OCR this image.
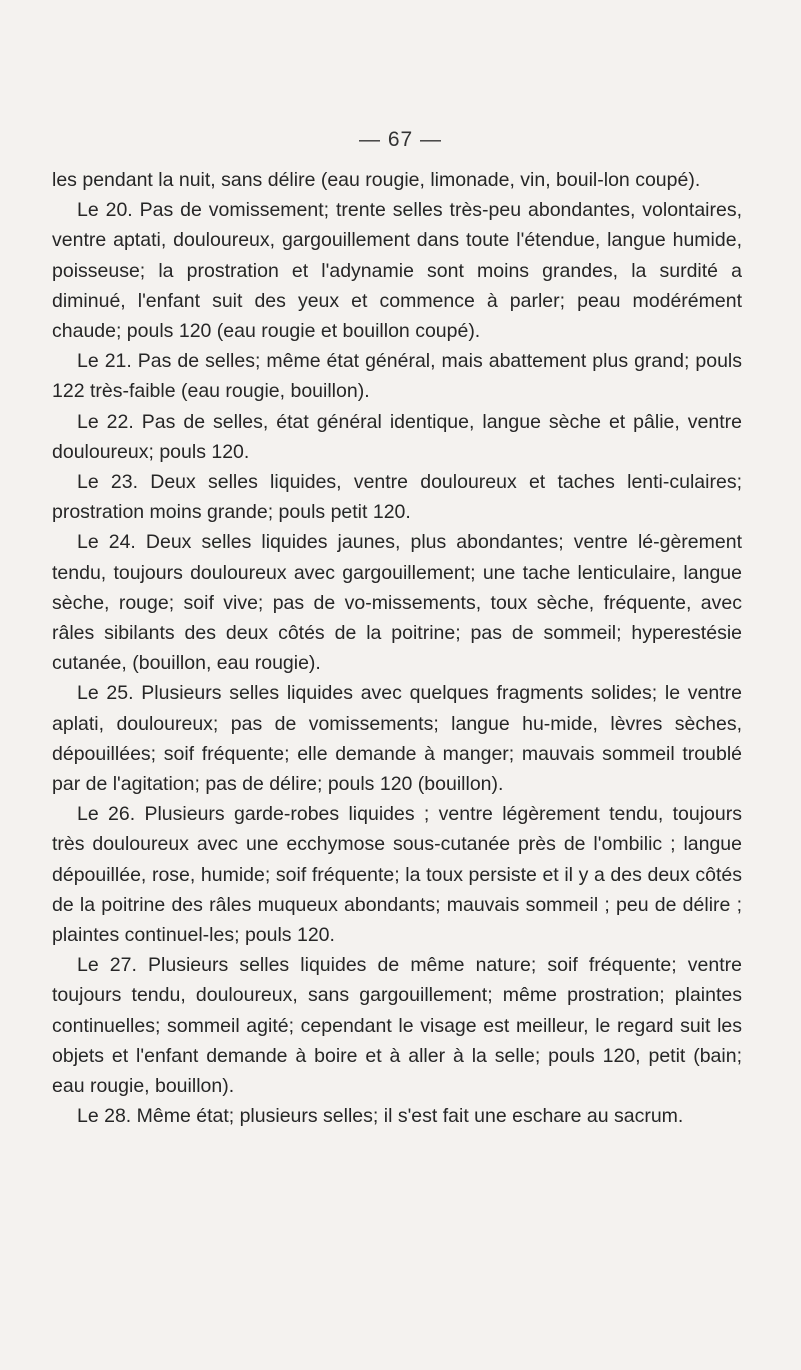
— 67 —

les pendant la nuit, sans délire (eau rougie, limonade, vin, bouil-lon coupé).

Le 20. Pas de vomissement; trente selles très-peu abondantes, volontaires, ventre aptati, douloureux, gargouillement dans toute l'étendue, langue humide, poisseuse; la prostration et l'adynamie sont moins grandes, la surdité a diminué, l'enfant suit des yeux et commence à parler; peau modérément chaude; pouls 120 (eau rougie et bouillon coupé).

Le 21. Pas de selles; même état général, mais abattement plus grand; pouls 122 très-faible (eau rougie, bouillon).

Le 22. Pas de selles, état général identique, langue sèche et pâlie, ventre douloureux; pouls 120.

Le 23. Deux selles liquides, ventre douloureux et taches lenti-culaires; prostration moins grande; pouls petit 120.

Le 24. Deux selles liquides jaunes, plus abondantes; ventre lé-gèrement tendu, toujours douloureux avec gargouillement; une tache lenticulaire, langue sèche, rouge; soif vive; pas de vo-missements, toux sèche, fréquente, avec râles sibilants des deux côtés de la poitrine; pas de sommeil; hyperestésie cutanée, (bouillon, eau rougie).

Le 25. Plusieurs selles liquides avec quelques fragments solides; le ventre aplati, douloureux; pas de vomissements; langue hu-mide, lèvres sèches, dépouillées; soif fréquente; elle demande à manger; mauvais sommeil troublé par de l'agitation; pas de délire; pouls 120 (bouillon).

Le 26. Plusieurs garde-robes liquides ; ventre légèrement tendu, toujours très douloureux avec une ecchymose sous-cutanée près de l'ombilic ; langue dépouillée, rose, humide; soif fréquente; la toux persiste et il y a des deux côtés de la poitrine des râles muqueux abondants; mauvais sommeil ; peu de délire ; plaintes continuel-les; pouls 120.

Le 27. Plusieurs selles liquides de même nature; soif fréquente; ventre toujours tendu, douloureux, sans gargouillement; même prostration; plaintes continuelles; sommeil agité; cependant le visage est meilleur, le regard suit les objets et l'enfant demande à boire et à aller à la selle; pouls 120, petit (bain; eau rougie, bouillon).

Le 28. Même état; plusieurs selles; il s'est fait une eschare au sacrum.
